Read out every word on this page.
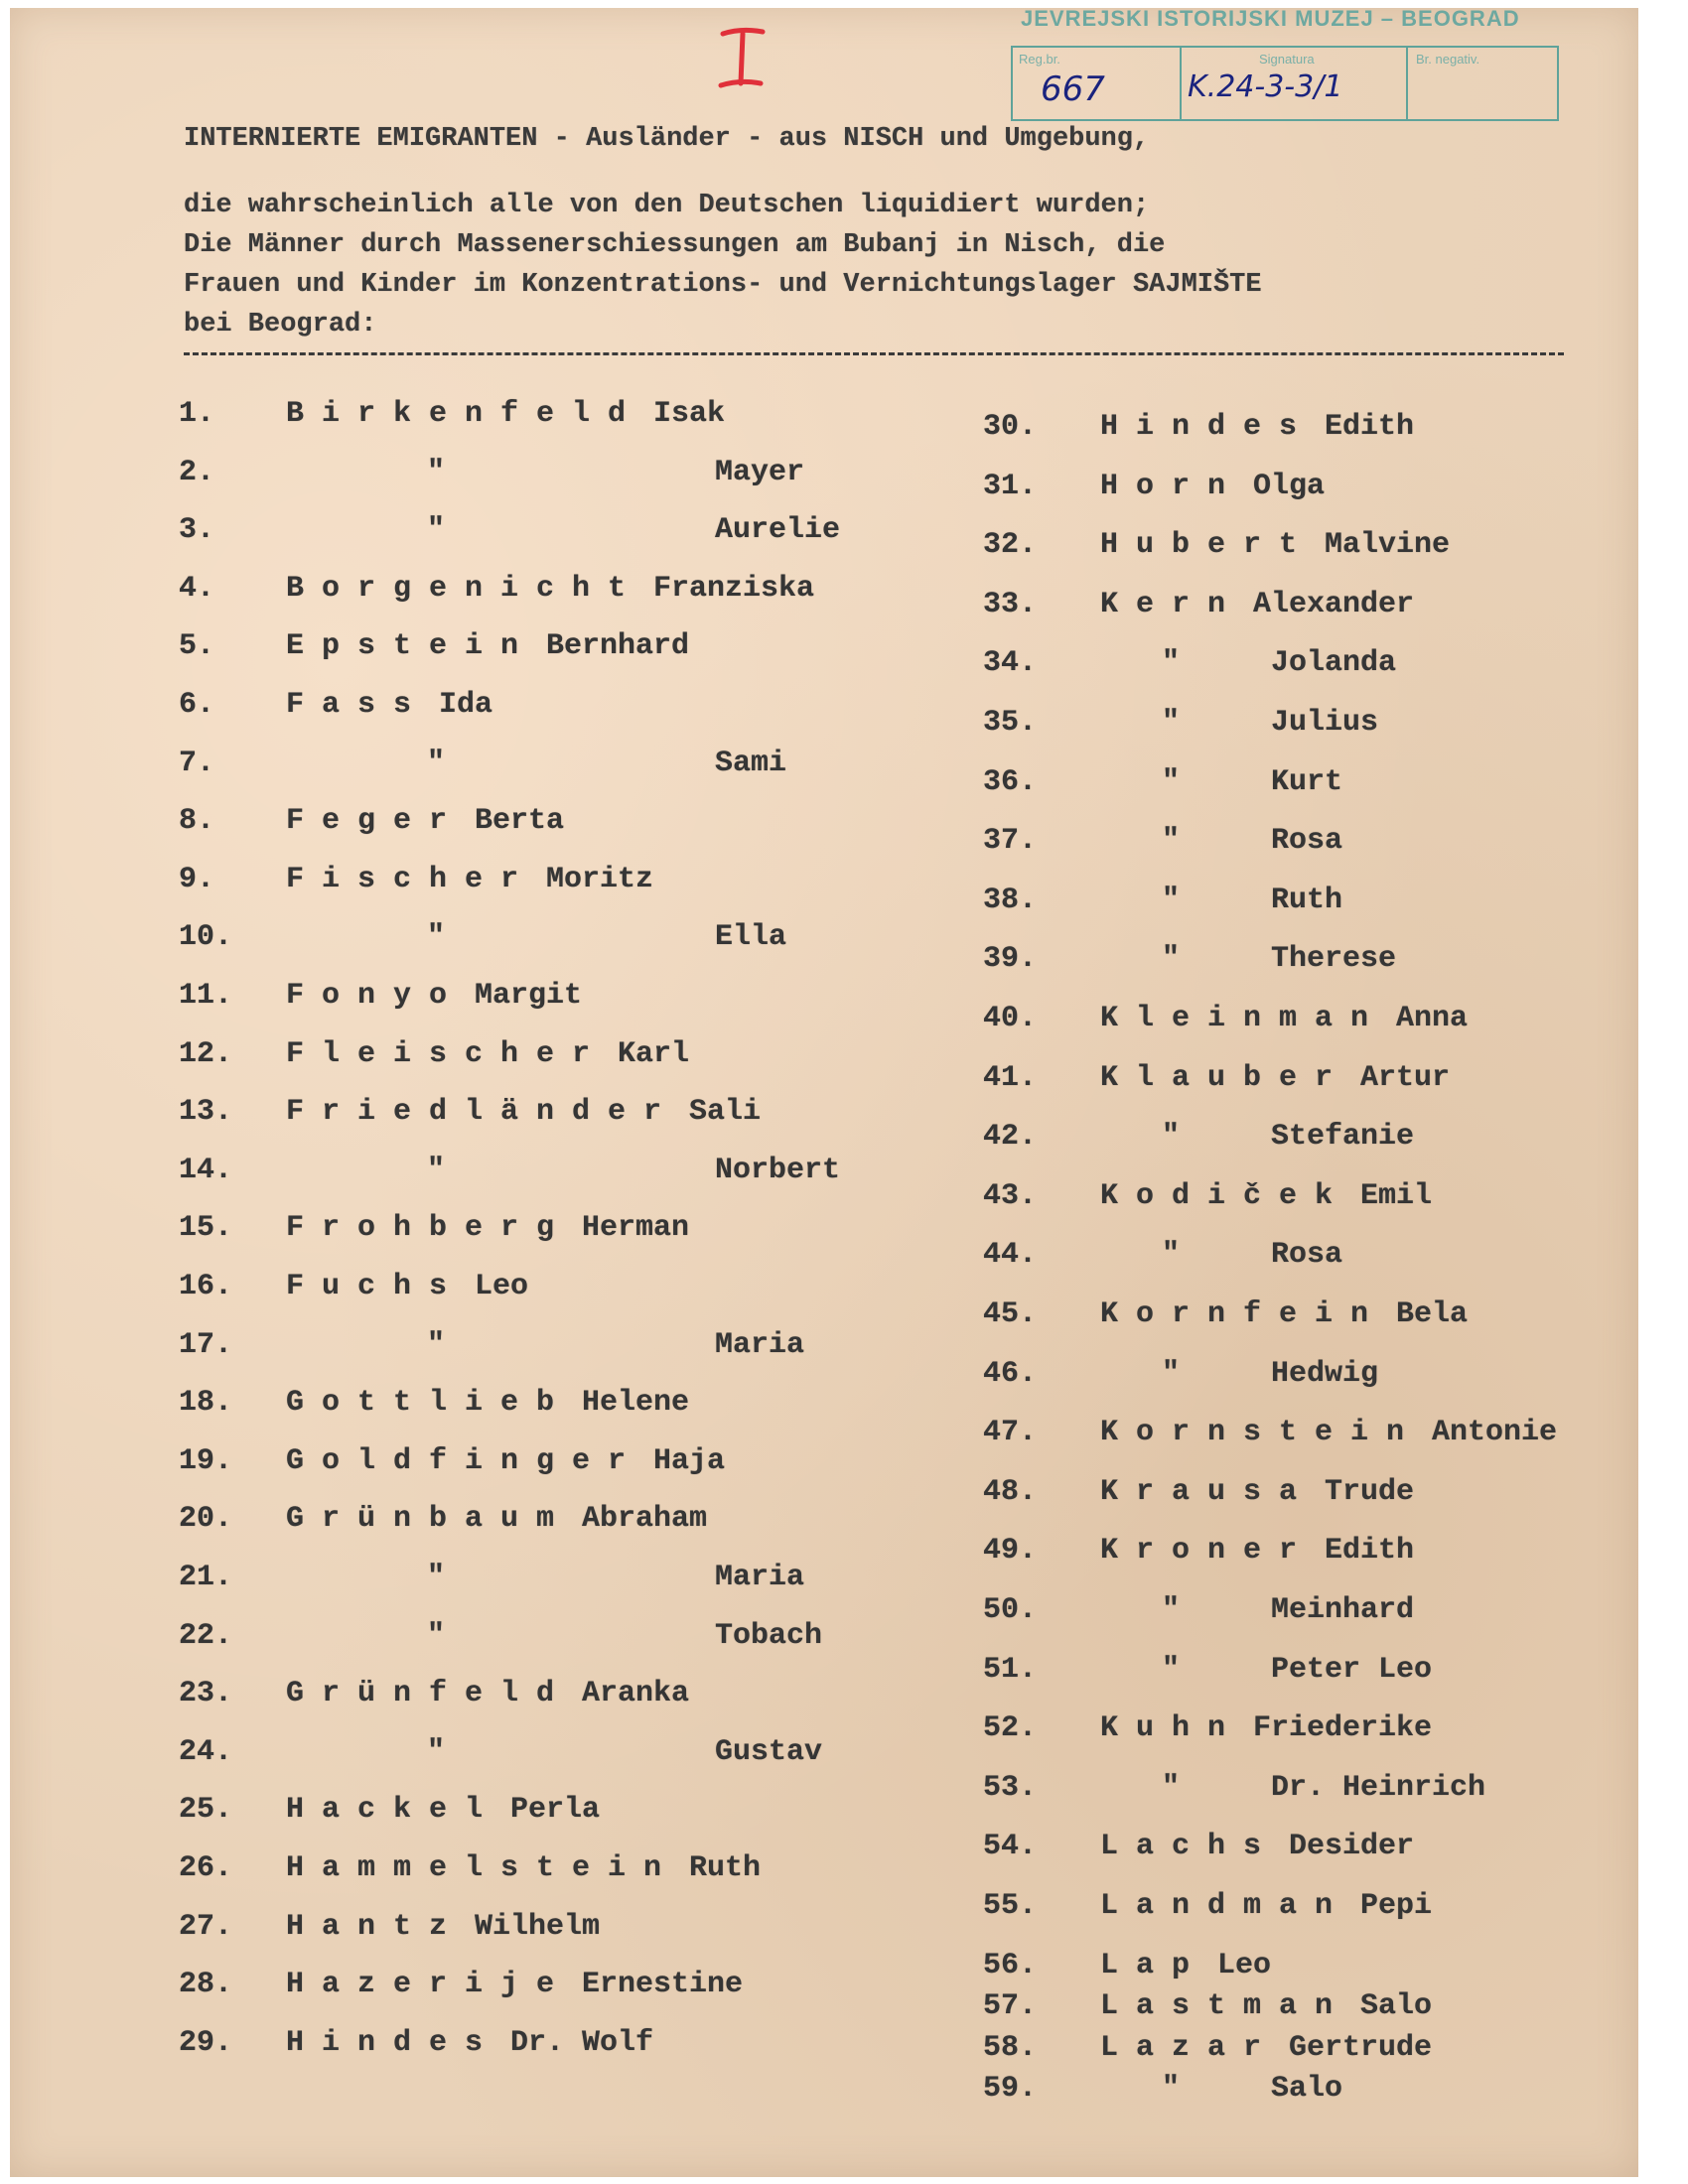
JEVREJSKI ISTORIJSKI MUZEJ – BEOGRAD
Reg.br.
667
Signatura
K.24-3-3/1
Br. negativ.
INTERNIERTE EMIGRANTEN - Ausländer - aus NISCH und Umgebung,
die wahrscheinlich alle von den Deutschen liquidiert wurden;
Die Männer durch Massenerschiessungen am Bubanj in Nisch, die
Frauen und Kinder im Konzentrations- und Vernichtungslager SAJMIŠTE
bei Beograd:
1. Birkenfeld Isak
2.	"	Mayer
3.	"	Aurelie
4. Borgenicht Franziska
5. Epstein Bernhard
6. Fass Ida
7.	"	Sami
8. Feger Berta
9. Fischer Moritz
10.	"	Ella
11. Fonyo Margit
12. Fleischer Karl
13. Friedländer Sali
14.	"	Norbert
15. Frohberg Herman
16. Fuchs Leo
17.	"	Maria
18. Gottlieb Helene
19. Goldfinger Haja
20. Grünbaum Abraham
21.	"	Maria
22.	"	Tobach
23. Grünfeld Aranka
24.	"	Gustav
25. Hackel Perla
26. Hammelstein Ruth
27. Hantz Wilhelm
28. Hazerije Ernestine
29. Hindes Dr. Wolf
30. Hindes Edith
31. Horn Olga
32. Hubert Malvine
33. Kern Alexander
34.	" Jolanda
35.	" Julius
36.	" Kurt
37.	" Rosa
38.	" Ruth
39.	" Therese
40. Kleinman Anna
41. Klauber Artur
42.	" Stefanie
43. Kodiček Emil
44.	" Rosa
45. Kornfein Bela
46.	" Hedwig
47. Kornstein Antonie
48. Krausa Trude
49. Kroner Edith
50.	" Meinhard
51.	" Peter Leo
52. Kuhn Friederike
53.	" Dr. Heinrich
54. Lachs Desider
55. Landman Pepi
56. Lap Leo
57. Lastman Salo
58. Lazar Gertrude
59.	" Salo
